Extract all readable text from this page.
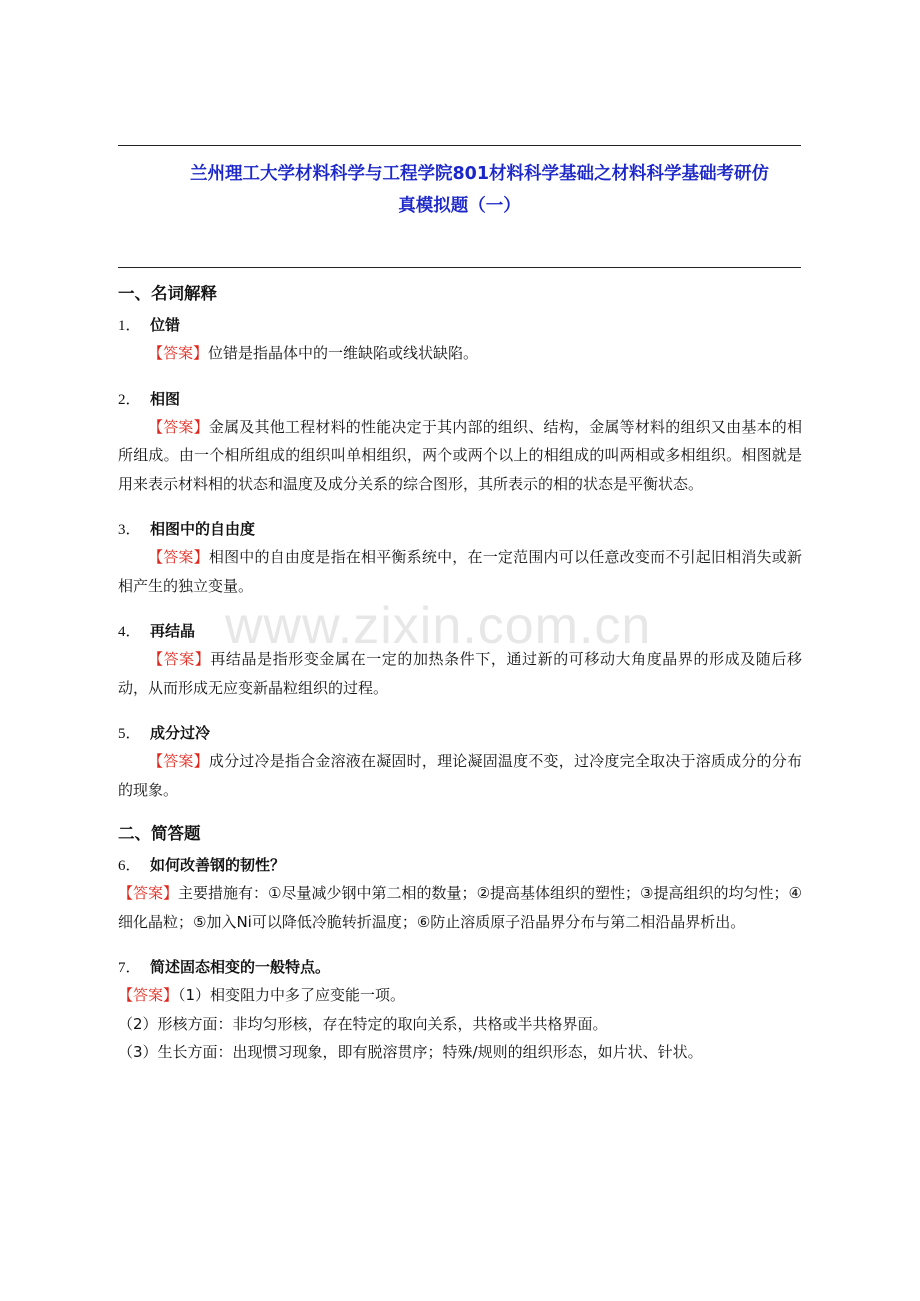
兰州理工大学材料科学与工程学院801材料科学基础之材料科学基础考研仿
真模拟题（一）
一、名词解释

1． 位错

【答案】位错是指晶体中的一维缺陷或线状缺陷。

2． 相图

【答案】金属及其他工程材料的性能决定于其内部的组织、结构，金属等材料的组织又由基本的相所组成。由一个相所组成的组织叫单相组织，两个或两个以上的相组成的叫两相或多相组织。相图就是用来表示材料相的状态和温度及成分关系的综合图形，其所表示的相的状态是平衡状态。

3． 相图中的自由度

【答案】相图中的自由度是指在相平衡系统中，在一定范围内可以任意改变而不引起旧相消失或新相产生的独立变量。

4． 再结晶

【答案】再结晶是指形变金属在一定的加热条件下，通过新的可移动大角度晶界的形成及随后移动，从而形成无应变新晶粒组织的过程。

5． 成分过冷

【答案】成分过冷是指合金溶液在凝固时，理论凝固温度不变，过冷度完全取决于溶质成分的分布的现象。

二、简答题

6． 如何改善钢的韧性？

【答案】主要措施有：①尽量减少钢中第二相的数量；②提高基体组织的塑性；③提高组织的均匀性；④细化晶粒；⑤加入Ni可以降低冷脆转折温度；⑥防止溶质原子沿晶界分布与第二相沿晶界析出。

7． 简述固态相变的一般特点。

【答案】（1）相变阻力中多了应变能一项。

（2）形核方面：非均匀形核，存在特定的取向关系，共格或半共格界面。

（3）生长方面：出现惯习现象，即有脱溶贯序；特殊/规则的组织形态，如片状、针状。

www.zixin.com.cn
